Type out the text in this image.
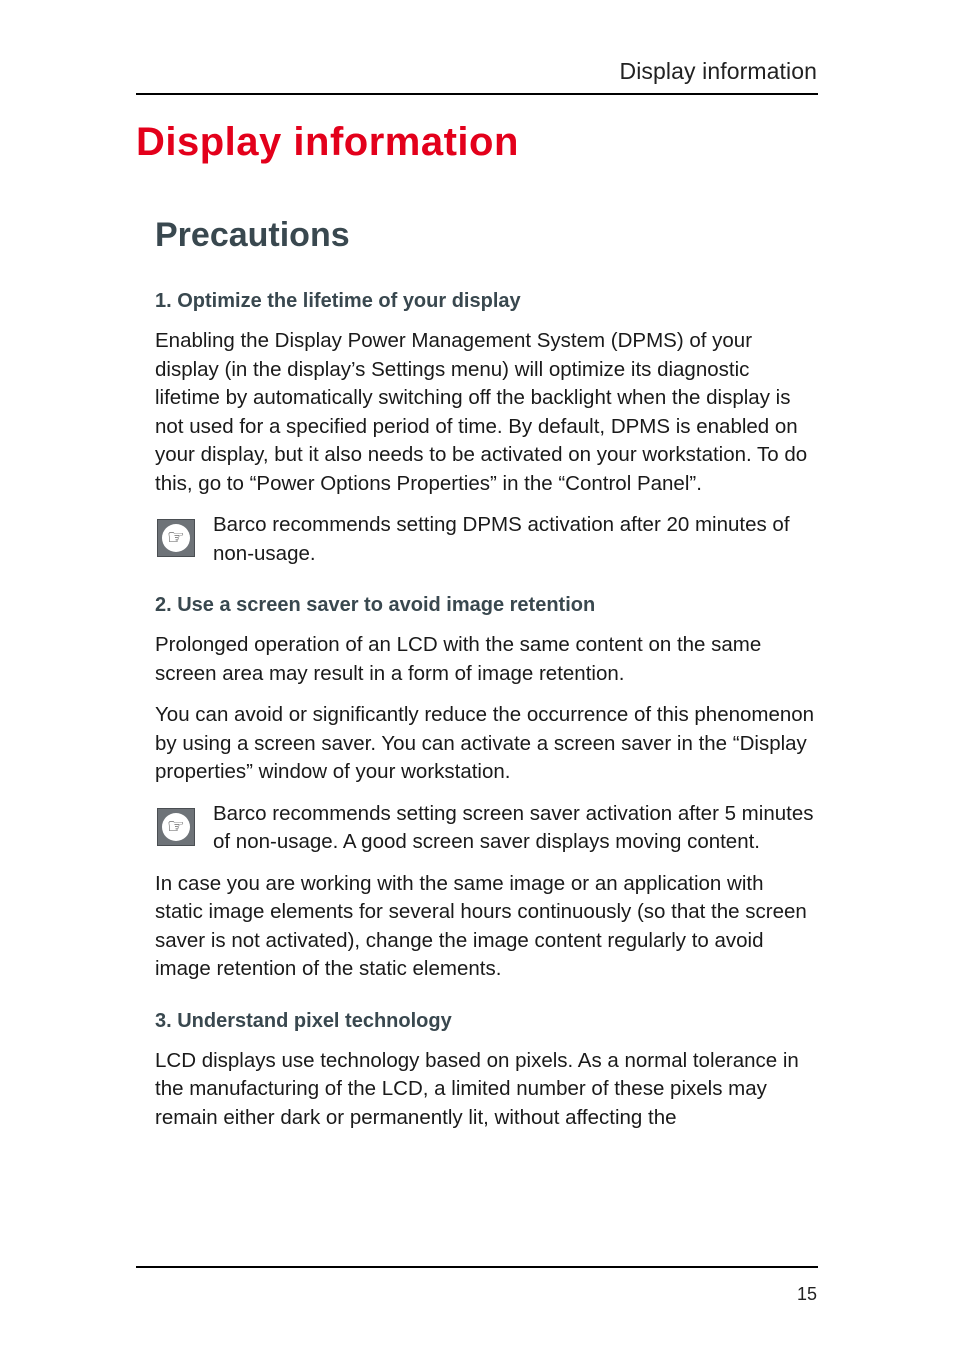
Display information
Display information
Precautions
1. Optimize the lifetime of your display

Enabling the Display Power Management System (DPMS) of your display (in the display’s Settings menu) will optimize its diagnostic lifetime by automatically switching off the backlight when the display is not used for a specified period of time. By default, DPMS is enabled on your display, but it also needs to be activated on your workstation. To do this, go to “Power Options Properties” in the “Control Panel”.

☞

Barco recommends setting DPMS activation after 20 minutes of non-usage.

2. Use a screen saver to avoid image retention

Prolonged operation of an LCD with the same content on the same screen area may result in a form of image retention.

You can avoid or significantly reduce the occurrence of this phenomenon by using a screen saver. You can activate a screen saver in the “Display properties” window of your workstation.

☞

Barco recommends setting screen saver activation after 5 minutes of non-usage. A good screen saver displays moving content.

In case you are working with the same image or an application with static image elements for several hours continuously (so that the screen saver is not activated), change the image content regularly to avoid image retention of the static elements.

3. Understand pixel technology

LCD displays use technology based on pixels. As a normal tolerance in the manufacturing of the LCD, a limited number of these pixels may remain either dark or permanently lit, without affecting the

15
